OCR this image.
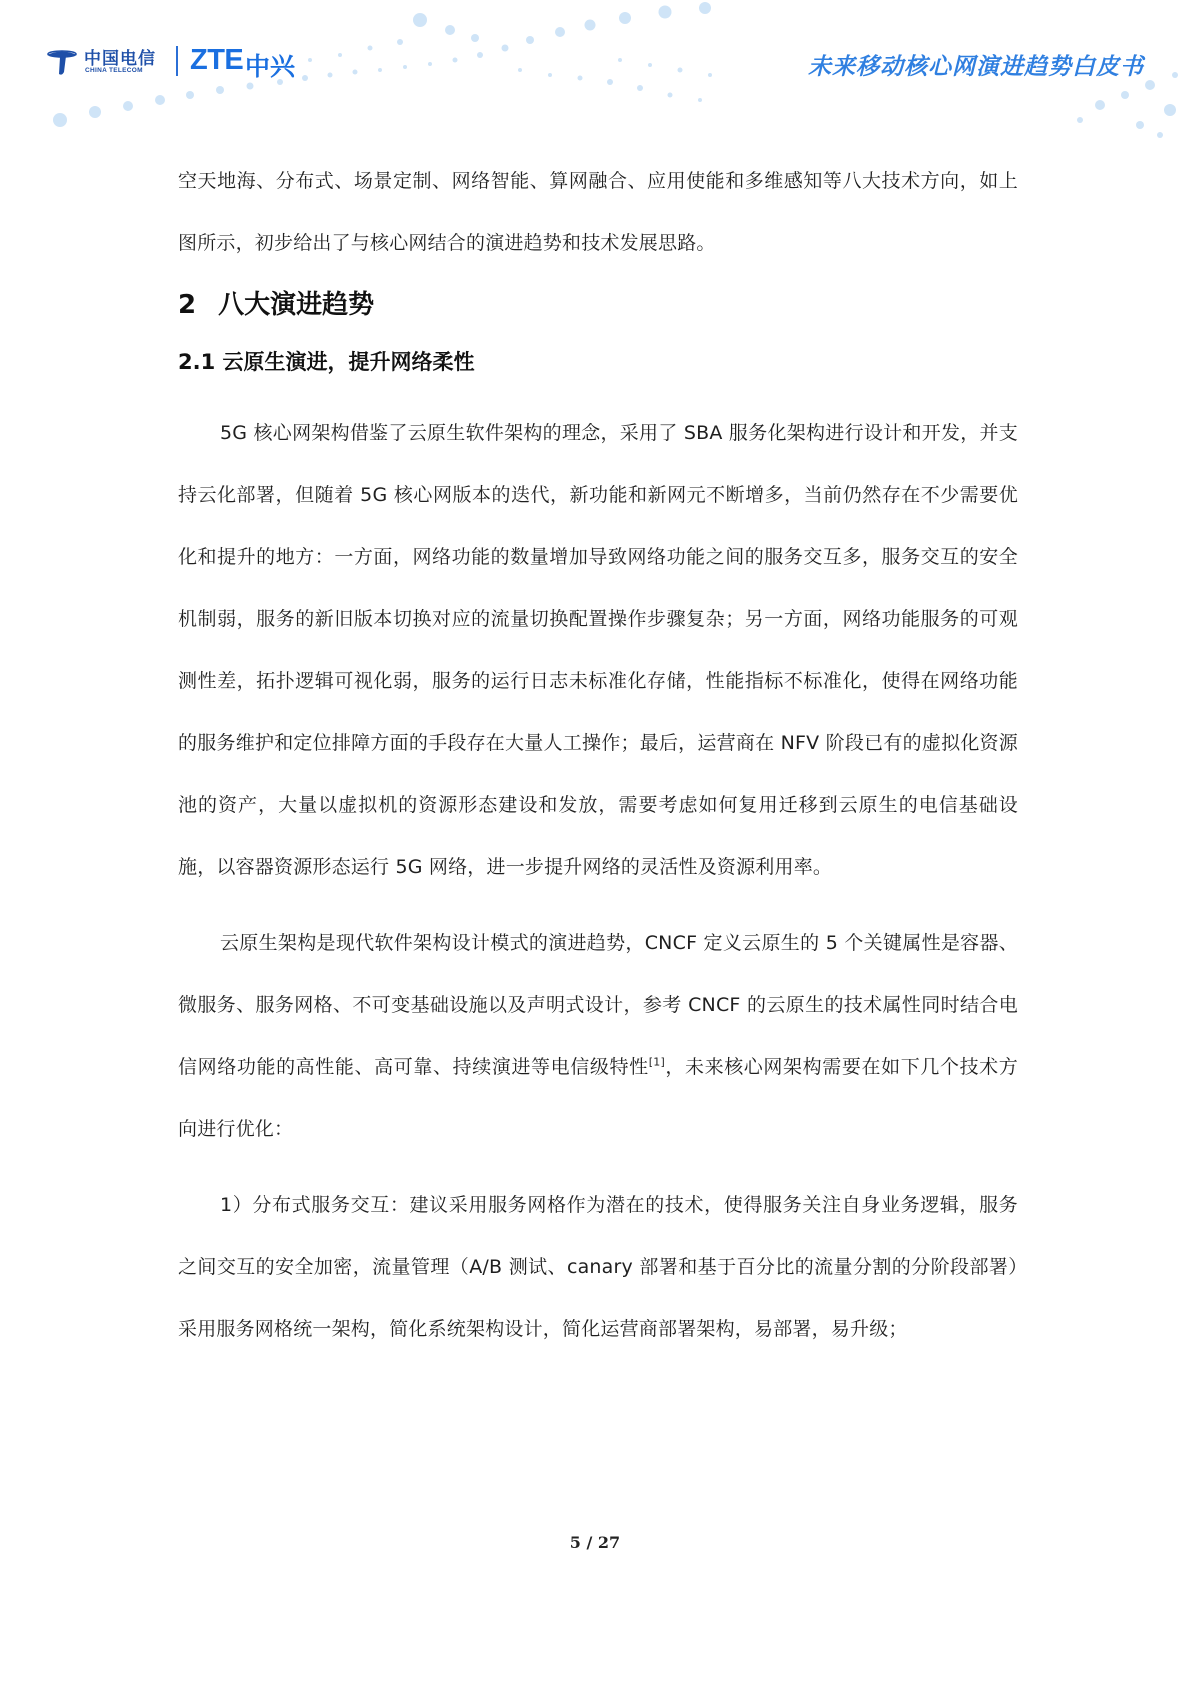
中国电信
CHINA TELECOM ZTE 中兴	未来移动核心网演进趋势白皮书

空天地海、分布式、场景定制、网络智能、算网融合、应用使能和多维感知等八大技术方向，如上图所示，初步给出了与核心网结合的演进趋势和技术发展思路。

2 八大演进趋势
2.1 云原生演进，提升网络柔性

5G 核心网架构借鉴了云原生软件架构的理念，采用了 SBA 服务化架构进行设计和开发，并支持云化部署，但随着 5G 核心网版本的迭代，新功能和新网元不断增多，当前仍然存在不少需要优化和提升的地方：一方面，网络功能的数量增加导致网络功能之间的服务交互多，服务交互的安全机制弱，服务的新旧版本切换对应的流量切换配置操作步骤复杂；另一方面，网络功能服务的可观测性差，拓扑逻辑可视化弱，服务的运行日志未标准化存储，性能指标不标准化，使得在网络功能的服务维护和定位排障方面的手段存在大量人工操作；最后，运营商在 NFV 阶段已有的虚拟化资源池的资产，大量以虚拟机的资源形态建设和发放，需要考虑如何复用迁移到云原生的电信基础设施，以容器资源形态运行 5G 网络，进一步提升网络的灵活性及资源利用率。

云原生架构是现代软件架构设计模式的演进趋势，CNCF 定义云原生的 5 个关键属性是容器、微服务、服务网格、不可变基础设施以及声明式设计，参考 CNCF 的云原生的技术属性同时结合电信网络功能的高性能、高可靠、持续演进等电信级特性[1]，未来核心网架构需要在如下几个技术方向进行优化：

1）分布式服务交互：建议采用服务网格作为潜在的技术，使得服务关注自身业务逻辑，服务之间交互的安全加密，流量管理（A/B 测试、canary 部署和基于百分比的流量分割的分阶段部署）采用服务网格统一架构，简化系统架构设计，简化运营商部署架构，易部署，易升级；

5 / 27
